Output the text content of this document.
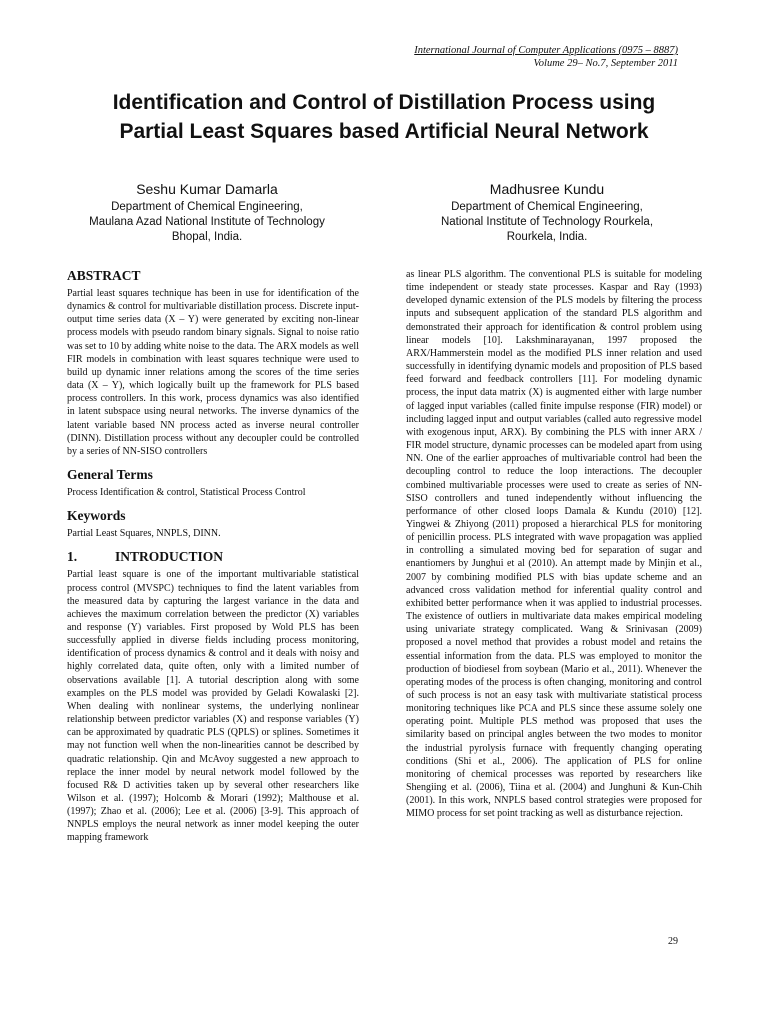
International Journal of Computer Applications (0975 – 8887)
Volume 29– No.7, September 2011
Identification and Control of Distillation Process using
Partial Least Squares based Artificial Neural Network
Seshu Kumar Damarla
Department of Chemical Engineering,
Maulana Azad National Institute of Technology
Bhopal, India.
Madhusree Kundu
Department of Chemical Engineering,
National Institute of Technology Rourkela,
Rourkela, India.
ABSTRACT

Partial least squares technique has been in use for identification of the dynamics & control for multivariable distillation process. Discrete input-output time series data (X – Y) were generated by exciting non-linear process models with pseudo random binary signals. Signal to noise ratio was set to 10 by adding white noise to the data. The ARX models as well FIR models in combination with least squares technique were used to build up dynamic inner relations among the scores of the time series data (X – Y), which logically built up the framework for PLS based process controllers. In this work, process dynamics was also identified in latent subspace using neural networks. The inverse dynamics of the latent variable based NN process acted as inverse neural controller (DINN). Distillation process without any decoupler could be controlled by a series of NN-SISO controllers

General Terms

Process Identification & control, Statistical Process Control

Keywords

Partial Least Squares, NNPLS, DINN.

1.	INTRODUCTION

Partial least square is one of the important multivariable statistical process control (MVSPC) techniques to find the latent variables from the measured data by capturing the largest variance in the data and achieves the maximum correlation between the predictor (X) variables and response (Y) variables. First proposed by Wold PLS has been successfully applied in diverse fields including process monitoring, identification of process dynamics & control and it deals with noisy and highly correlated data, quite often, only with a limited number of observations available [1]. A tutorial description along with some examples on the PLS model was provided by Geladi Kowalaski [2]. When dealing with nonlinear systems, the underlying nonlinear relationship between predictor variables (X) and response variables (Y) can be approximated by quadratic PLS (QPLS) or splines. Sometimes it may not function well when the non-linearities cannot be described by quadratic relationship. Qin and McAvoy suggested a new approach to replace the inner model by neural network model followed by the focused R& D activities taken up by several other researchers like Wilson et al. (1997); Holcomb & Morari (1992); Malthouse et al. (1997); Zhao et al. (2006); Lee et al. (2006) [3-9]. This approach of NNPLS employs the neural network as inner model keeping the outer mapping framework

as linear PLS algorithm. The conventional PLS is suitable for modeling time independent or steady state processes. Kaspar and Ray (1993) developed dynamic extension of the PLS models by filtering the process inputs and subsequent application of the standard PLS algorithm and demonstrated their approach for identification & control problem using linear models [10]. Lakshminarayanan, 1997 proposed the ARX/Hammerstein model as the modified PLS inner relation and used successfully in identifying dynamic models and proposition of PLS based feed forward and feedback controllers [11]. For modeling dynamic process, the input data matrix (X) is augmented either with large number of lagged input variables (called finite impulse response (FIR) model) or including lagged input and output variables (called auto regressive model with exogenous input, ARX). By combining the PLS with inner ARX / FIR model structure, dynamic processes can be modeled apart from using NN. One of the earlier approaches of multivariable control had been the decoupling control to reduce the loop interactions. The decoupler combined multivariable processes were used to create as series of NN-SISO controllers and tuned independently without influencing the performance of other closed loops Damala & Kundu (2010) [12]. Yingwei & Zhiyong (2011) proposed a hierarchical PLS for monitoring of penicillin process. PLS integrated with wave propagation was applied in controlling a simulated moving bed for separation of sugar and enantiomers by Junghui et al (2010). An attempt made by Minjin et al., 2007 by combining modified PLS with bias update scheme and an advanced cross validation method for inferential quality control and exhibited better performance when it was applied to industrial processes. The existence of outliers in multivariate data makes empirical modeling using univariate strategy complicated. Wang & Srinivasan (2009) proposed a novel method that provides a robust model and retains the essential information from the data. PLS was employed to monitor the production of biodiesel from soybean (Mario et al., 2011). Whenever the operating modes of the process is often changing, monitoring and control of such process is not an easy task with multivariate statistical process monitoring techniques like PCA and PLS since these assume solely one operating point. Multiple PLS method was proposed that uses the similarity based on principal angles between the two modes to monitor the industrial pyrolysis furnace with frequently changing operating conditions (Shi et al., 2006). The application of PLS for online monitoring of chemical processes was reported by researchers like Shengiing et al. (2006), Tiina et al. (2004) and Junghuni & Kun-Chih (2001). In this work, NNPLS based control strategies were proposed for MIMO process for set point tracking as well as disturbance rejection.

29
